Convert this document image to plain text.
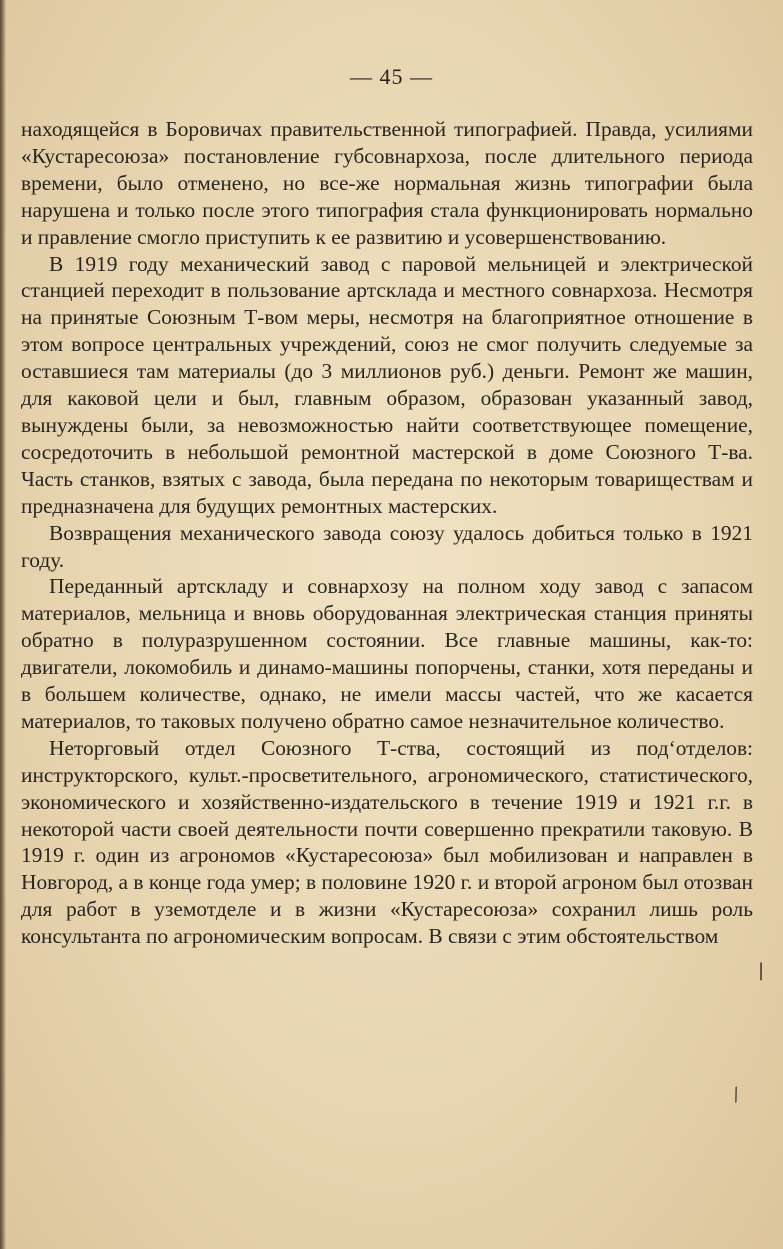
— 45 —

находящейся в Боровичах правительственной типографией. Правда, усилиями «Кустаресоюза» постановление губсовнархоза, после длительного периода времени, было отменено, но все-же нормальная жизнь типографии была нарушена и только после этого типография стала функционировать нормально и правление смогло приступить к ее развитию и усовершенствованию.

В 1919 году механический завод с паровой мельницей и электрической станцией переходит в пользование артсклада и местного совнархоза. Несмотря на принятые Союзным Т-вом меры, несмотря на благоприятное отношение в этом вопросе центральных учреждений, союз не смог получить следуемые за оставшиеся там материалы (до 3 миллионов руб.) деньги. Ремонт же машин, для каковой цели и был, главным образом, образован указанный завод, вынуждены были, за невозможностью найти соответствующее помещение, сосредоточить в небольшой ремонтной мастерской в доме Союзного Т-ва. Часть станков, взятых с завода, была передана по некоторым товариществам и предназначена для будущих ремонтных мастерских.

Возвращения механического завода союзу удалось добиться только в 1921 году.

Переданный артскладу и совнархозу на полном ходу завод с запасом материалов, мельница и вновь оборудованная электрическая станция приняты обратно в полуразрушенном состоянии. Все главные машины, как-то: двигатели, локомобиль и динамо-машины попорчены, станки, хотя переданы и в большем количестве, однако, не имели массы частей, что же касается материалов, то таковых получено обратно самое незначительное количество.

Неторговый отдел Союзного Т-ства, состоящий из под‘отделов: инструкторского, культ.-просветительного, агрономического, статистического, экономического и хозяйственно-издательского в течение 1919 и 1921 г.г. в некоторой части своей деятельности почти совершенно прекратили таковую. В 1919 г. один из агрономов «Кустаресоюза» был мобилизован и направлен в Новгород, а в конце года умер; в половине 1920 г. и второй агроном был отозван для работ в уземотделе и в жизни «Кустаресоюза» сохранил лишь роль консультанта по агрономическим вопросам. В связи с этим обстоятельством

|
⁄
